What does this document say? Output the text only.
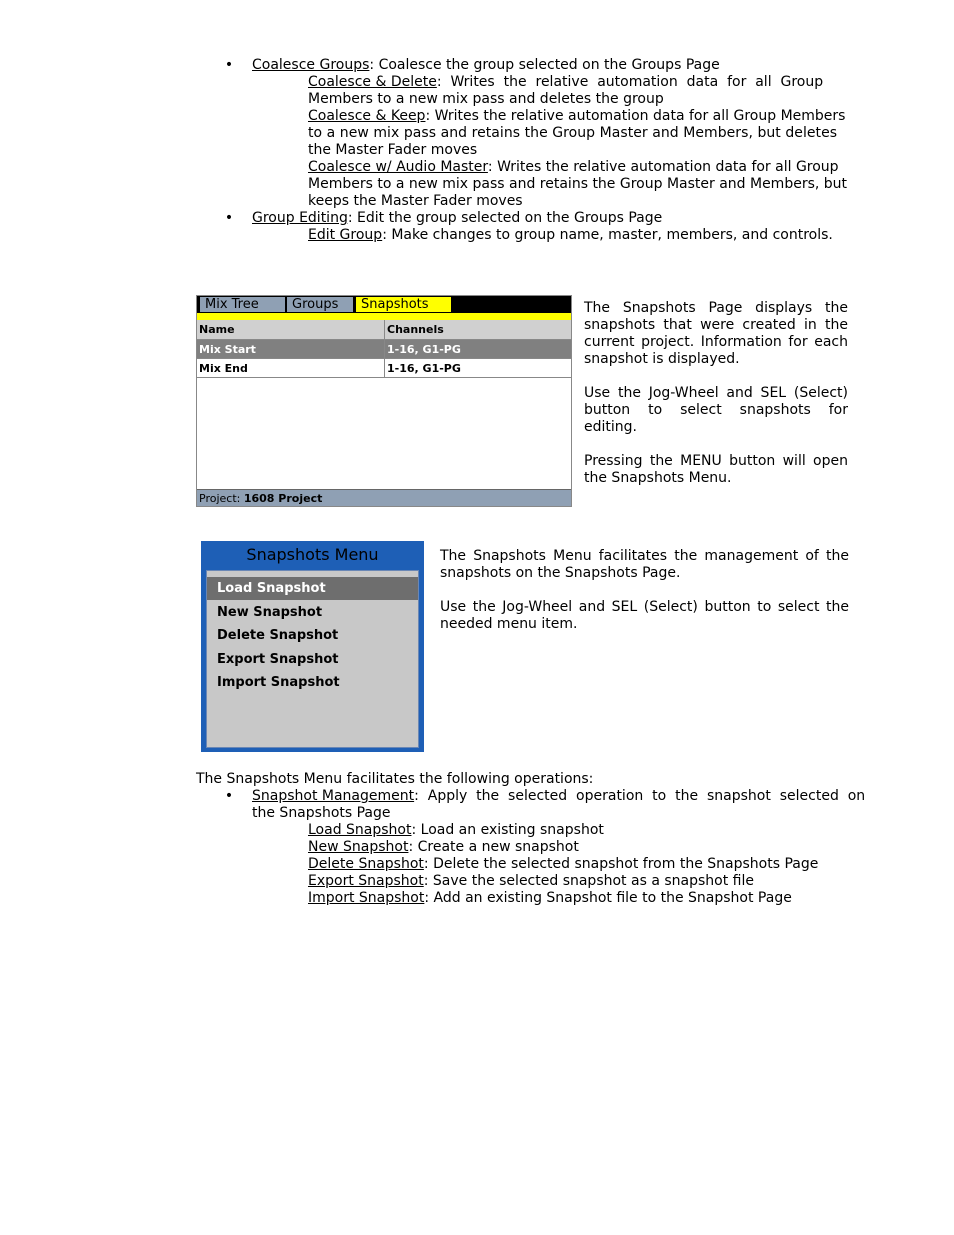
• Coalesce Groups: Coalesce the group selected on the Groups Page
Coalesce & Delete:  Writes  the  relative  automation  data  for  all  Group
Members to a new mix pass and deletes the group
Coalesce & Keep: Writes the relative automation data for all Group Members
to a new mix pass and retains the Group Master and Members, but deletes
the Master Fader moves
Coalesce w/ Audio Master: Writes the relative automation data for all Group
Members to a new mix pass and retains the Group Master and Members, but
keeps the Master Fader moves
• Group Editing: Edit the group selected on the Groups Page
Edit Group: Make changes to group name, master, members, and controls.
Mix Tree	Groups	Snapshots
Name	Channels
Mix Start	1-16, G1-PG
Mix End	1-16, G1-PG
Project: 1608 Project
The Snapshots Page displays the
snapshots that were created in the
current project. Information for each
snapshot is displayed.
Use the Jog-Wheel and SEL (Select)
button to select snapshots for
editing.
Pressing the MENU button will open
the Snapshots Menu.
Snapshots Menu
Load Snapshot
New Snapshot
Delete Snapshot
Export Snapshot
Import Snapshot
The Snapshots Menu facilitates the management of the
snapshots on the Snapshots Page.
Use the Jog-Wheel and SEL (Select) button to select the
needed menu item.
The Snapshots Menu facilitates the following operations:
• Snapshot Management:  Apply  the  selected  operation  to  the  snapshot  selected  on
the Snapshots Page
Load Snapshot: Load an existing snapshot
New Snapshot: Create a new snapshot
Delete Snapshot: Delete the selected snapshot from the Snapshots Page
Export Snapshot: Save the selected snapshot as a snapshot file
Import Snapshot: Add an existing Snapshot file to the Snapshot Page
